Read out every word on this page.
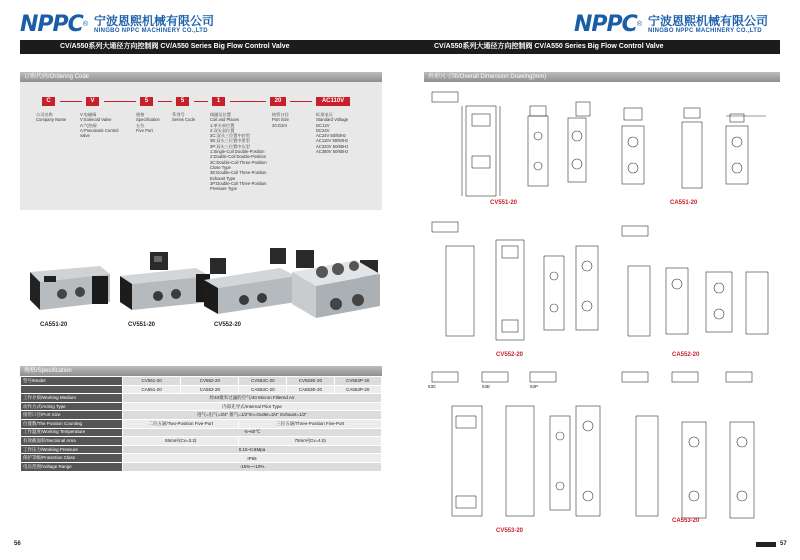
NPPC ® 宁波恩熙机械有限公司
NINGBO NPPC MACHINERY CO.,LTD
CV/A550系列大通径方向控制阀 CV/A550 Series Big Flow Control Valve
订购代码/Ordering Code
C	V	5	5	1	20	AC110V
公司名称
Company Name
V:电磁阀
V:Solenoid Valve
A:气控阀
A:Pneumatic Control
valve
规格
Specification
五位
Five Port
系列号
Series Code
线圈及位置
Coil and Places
1:单头单位置
2:双头双位置
3C:双头三位置中封型
3E:双头三位置中泄型
3P:双头三位置中压型
1:Single-Coil Double-Position
2:Double-Coil Double-Position
3C:Double-Coil Three-Position Close Type
3E:Double-Coil Three-Position Exhaust Type
3P:Double-Coil Three-Position Pressure Type
接管口径
Port Size
20:G3/4
标准电压
Standard Voltage
DC12V
DC24V
AC24V 50/60Hz
AC110V 50/60Hz
AC220V 50/60Hz
AC380V 50/60Hz
CA551-20	CV551-20	CV552-20
规格/Specification
型号/Model	CV551-20	CV552-20	CV553C-20	CV553E-20	CV553P-20
	CA551-20	CA552-20	CA553C-20	CA553E-20	CA553P-20
工作介质/Working Medium	经40微米过滤的空气/40 Micron Filtered Air				
动作方式/Acting Type	内部先导式/Internal Pilot Type				
接管口径/Port Size	进气=出气=3/4" 排气=1/2"/In=Outlet=3/4" Exhaust=1/2"				
位置数/The Position Counting	二位五通/Two-Position Five-Port		三位五通/Three-Position Five-Port		
工作温度/Working Temperature	-5~60℃				
有效截面积/Sectional Area	55mm²(Cv=3.2)		75mm²(Cv=4.0)		
工作压力/Working Pressure	0.15~0.8Mpa				
保护等级/Protection Class	IP65				
电压范围/Voltage Range	-15%~+10%				
56
NPPC ® 宁波恩熙机械有限公司
NINGBO NPPC MACHINERY CO.,LTD
CV/A550系列大通径方向控制阀 CV/A550 Series Big Flow Control Valve
外形尺寸图/Overall Dimension Drawing(mm)
CV551-20	CA551-20
CV552-20	CA552-20
53C	53E	53P
CV553-20
CA553-20
57
